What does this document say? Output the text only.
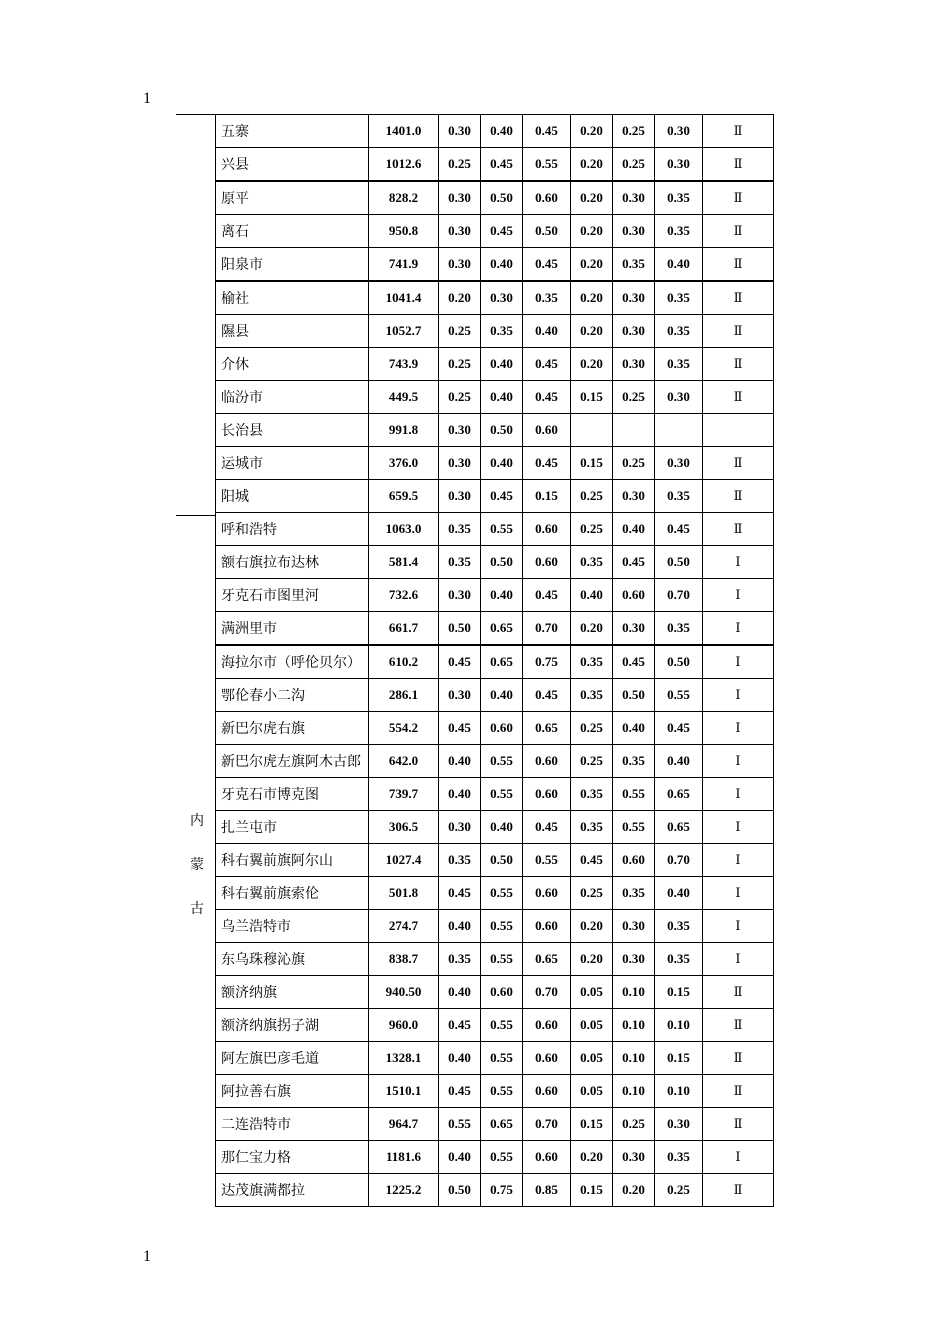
1
内
蒙
古
五寨	1401.0	0.30	0.40	0.45	0.20	0.25	0.30	Ⅱ
兴县	1012.6	0.25	0.45	0.55	0.20	0.25	0.30	Ⅱ
原平	828.2	0.30	0.50	0.60	0.20	0.30	0.35	Ⅱ
离石	950.8	0.30	0.45	0.50	0.20	0.30	0.35	Ⅱ
阳泉市	741.9	0.30	0.40	0.45	0.20	0.35	0.40	Ⅱ
榆社	1041.4	0.20	0.30	0.35	0.20	0.30	0.35	Ⅱ
隰县	1052.7	0.25	0.35	0.40	0.20	0.30	0.35	Ⅱ
介休	743.9	0.25	0.40	0.45	0.20	0.30	0.35	Ⅱ
临汾市	449.5	0.25	0.40	0.45	0.15	0.25	0.30	Ⅱ
长治县	991.8	0.30	0.50	0.60				
运城市	376.0	0.30	0.40	0.45	0.15	0.25	0.30	Ⅱ
阳城	659.5	0.30	0.45	0.15	0.25	0.30	0.35	Ⅱ
呼和浩特	1063.0	0.35	0.55	0.60	0.25	0.40	0.45	Ⅱ
额右旗拉布达林	581.4	0.35	0.50	0.60	0.35	0.45	0.50	Ⅰ
牙克石市图里河	732.6	0.30	0.40	0.45	0.40	0.60	0.70	Ⅰ
满洲里市	661.7	0.50	0.65	0.70	0.20	0.30	0.35	Ⅰ
海拉尔市（呼伦贝尔）	610.2	0.45	0.65	0.75	0.35	0.45	0.50	Ⅰ
鄂伦春小二沟	286.1	0.30	0.40	0.45	0.35	0.50	0.55	Ⅰ
新巴尔虎右旗	554.2	0.45	0.60	0.65	0.25	0.40	0.45	Ⅰ
新巴尔虎左旗阿木古郎	642.0	0.40	0.55	0.60	0.25	0.35	0.40	Ⅰ
牙克石市博克图	739.7	0.40	0.55	0.60	0.35	0.55	0.65	Ⅰ
扎兰屯市	306.5	0.30	0.40	0.45	0.35	0.55	0.65	Ⅰ
科右翼前旗阿尔山	1027.4	0.35	0.50	0.55	0.45	0.60	0.70	Ⅰ
科右翼前旗索伦	501.8	0.45	0.55	0.60	0.25	0.35	0.40	Ⅰ
乌兰浩特市	274.7	0.40	0.55	0.60	0.20	0.30	0.35	Ⅰ
东乌珠穆沁旗	838.7	0.35	0.55	0.65	0.20	0.30	0.35	Ⅰ
额济纳旗	940.50	0.40	0.60	0.70	0.05	0.10	0.15	Ⅱ
额济纳旗拐子湖	960.0	0.45	0.55	0.60	0.05	0.10	0.10	Ⅱ
阿左旗巴彦毛道	1328.1	0.40	0.55	0.60	0.05	0.10	0.15	Ⅱ
阿拉善右旗	1510.1	0.45	0.55	0.60	0.05	0.10	0.10	Ⅱ
二连浩特市	964.7	0.55	0.65	0.70	0.15	0.25	0.30	Ⅱ
那仁宝力格	1181.6	0.40	0.55	0.60	0.20	0.30	0.35	Ⅰ
达茂旗满都拉	1225.2	0.50	0.75	0.85	0.15	0.20	0.25	Ⅱ
1
